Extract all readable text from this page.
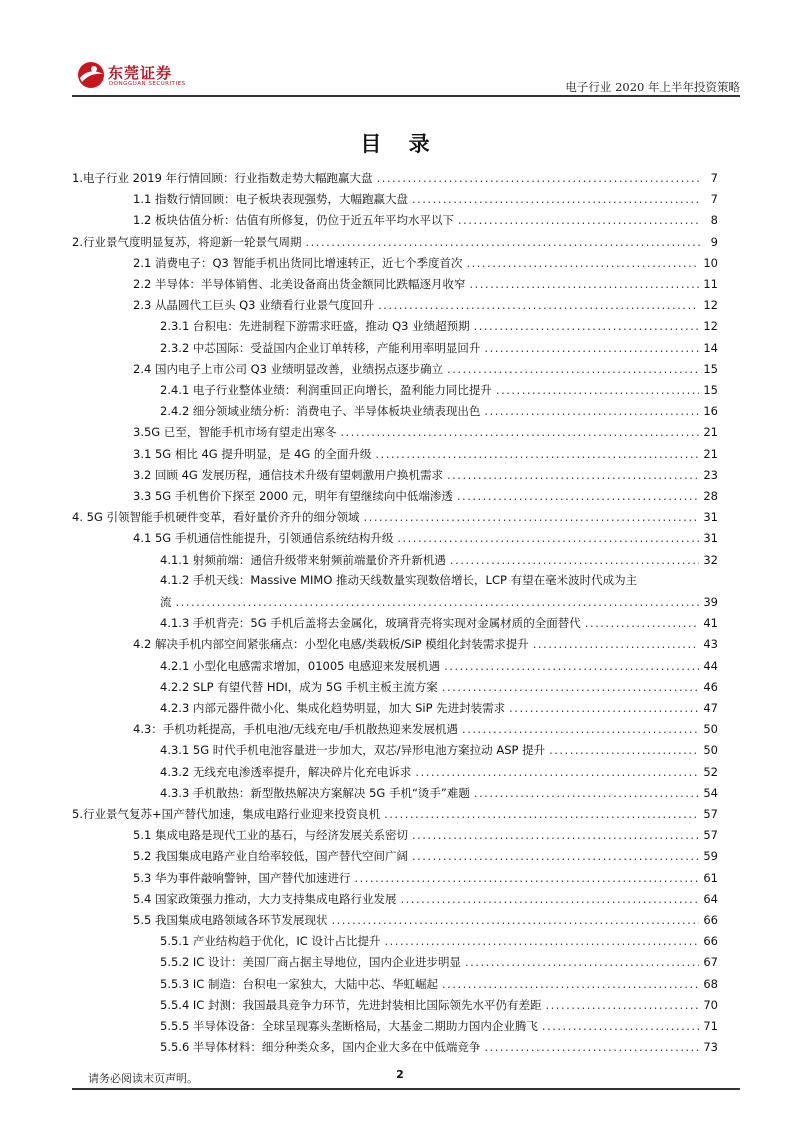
东莞证券
DONGGUAN SECURITIES	电子行业 2020 年上半年投资策略
目 录
1.电子行业 2019 年行情回顾：行业指数走势大幅跑赢大盘 .....	7
1.1 指数行情回顾：电子板块表现强势，大幅跑赢大盘 .....	7
1.2 板块估值分析：估值有所修复，仍位于近五年平均水平以下 .....	8
2.行业景气度明显复苏，将迎新一轮景气周期 .....	9
2.1 消费电子：Q3 智能手机出货同比增速转正，近七个季度首次 .....	10
2.2 半导体：半导体销售、北美设备商出货金额同比跌幅逐月收窄 .....	11
2.3 从晶圆代工巨头 Q3 业绩看行业景气度回升 .....	12
2.3.1 台积电：先进制程下游需求旺盛，推动 Q3 业绩超预期 .....	12
2.3.2 中芯国际：受益国内企业订单转移，产能利用率明显回升 .....	14
2.4 国内电子上市公司 Q3 业绩明显改善，业绩拐点逐步确立 .....	15
2.4.1 电子行业整体业绩：利润重回正向增长，盈利能力同比提升 .....	15
2.4.2 细分领域业绩分析：消费电子、半导体板块业绩表现出色 .....	16
3.5G 已至，智能手机市场有望走出寒冬 .....	21
3.1 5G 相比 4G 提升明显，是 4G 的全面升级 .....	21
3.2 回顾 4G 发展历程，通信技术升级有望刺激用户换机需求 .....	23
3.3 5G 手机售价下探至 2000 元，明年有望继续向中低端渗透 .....	28
4. 5G 引领智能手机硬件变革，看好量价齐升的细分领域 .....	31
4.1 5G 手机通信性能提升，引领通信系统结构升级 .....	31
4.1.1 射频前端：通信升级带来射频前端量价齐升新机遇 .....	32
4.1.2 手机天线：Massive MIMO 推动天线数量实现数倍增长，LCP 有望在毫米波时代成为主
流 .....	39
4.1.3 手机背壳：5G 手机后盖将去金属化，玻璃背壳将实现对金属材质的全面替代 .....	41
4.2 解决手机内部空间紧张痛点：小型化电感/类载板/SiP 模组化封装需求提升 .....	43
4.2.1 小型化电感需求增加，01005 电感迎来发展机遇 .....	44
4.2.2 SLP 有望代替 HDI，成为 5G 手机主板主流方案 .....	46
4.2.3 内部元器件微小化、集成化趋势明显，加大 SiP 先进封装需求 .....	47
4.3：手机功耗提高，手机电池/无线充电/手机散热迎来发展机遇 .....	50
4.3.1 5G 时代手机电池容量进一步加大，双芯/异形电池方案拉动 ASP 提升 .....	50
4.3.2 无线充电渗透率提升，解决碎片化充电诉求 .....	52
4.3.3 手机散热：新型散热解决方案解决 5G 手机“烫手”难题 .....	54
5.行业景气复苏+国产替代加速，集成电路行业迎来投资良机 .....	57
5.1 集成电路是现代工业的基石，与经济发展关系密切 .....	57
5.2 我国集成电路产业自给率较低，国产替代空间广阔 .....	59
5.3 华为事件敲响警钟，国产替代加速进行 .....	61
5.4 国家政策强力推动，大力支持集成电路行业发展 .....	64
5.5 我国集成电路领域各环节发展现状 .....	66
5.5.1 产业结构趋于优化，IC 设计占比提升 .....	66
5.5.2 IC 设计：美国厂商占据主导地位，国内企业进步明显 .....	67
5.5.3 IC 制造：台积电一家独大，大陆中芯、华虹崛起 .....	68
5.5.4 IC 封测：我国最具竞争力环节，先进封装相比国际领先水平仍有差距 .....	70
5.5.5 半导体设备：全球呈现寡头垄断格局，大基金二期助力国内企业腾飞 .....	71
5.5.6 半导体材料：细分种类众多，国内企业大多在中低端竞争 .....	73
请务必阅读末页声明。	2
